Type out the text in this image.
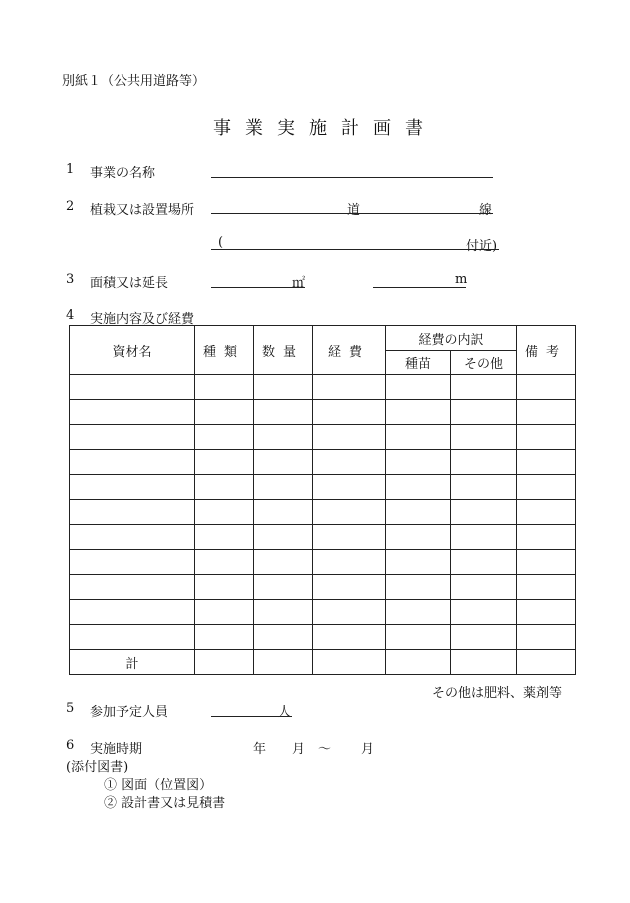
別紙１（公共用道路等）
事業実施計画書
1 事業の名称
2 植栽又は設置場所	道	線
(	付近)
3 面積又は延長	㎡	m
4 実施内容及び経費
資材名	種類	数量	経費	経費の内訳		備考
				種苗	その他	

計						
その他は肥料、薬剤等
5 参加予定人員	人
6 実施時期	年 月 ～ 月
(添付図書)
① 図面（位置図）
② 設計書又は見積書
